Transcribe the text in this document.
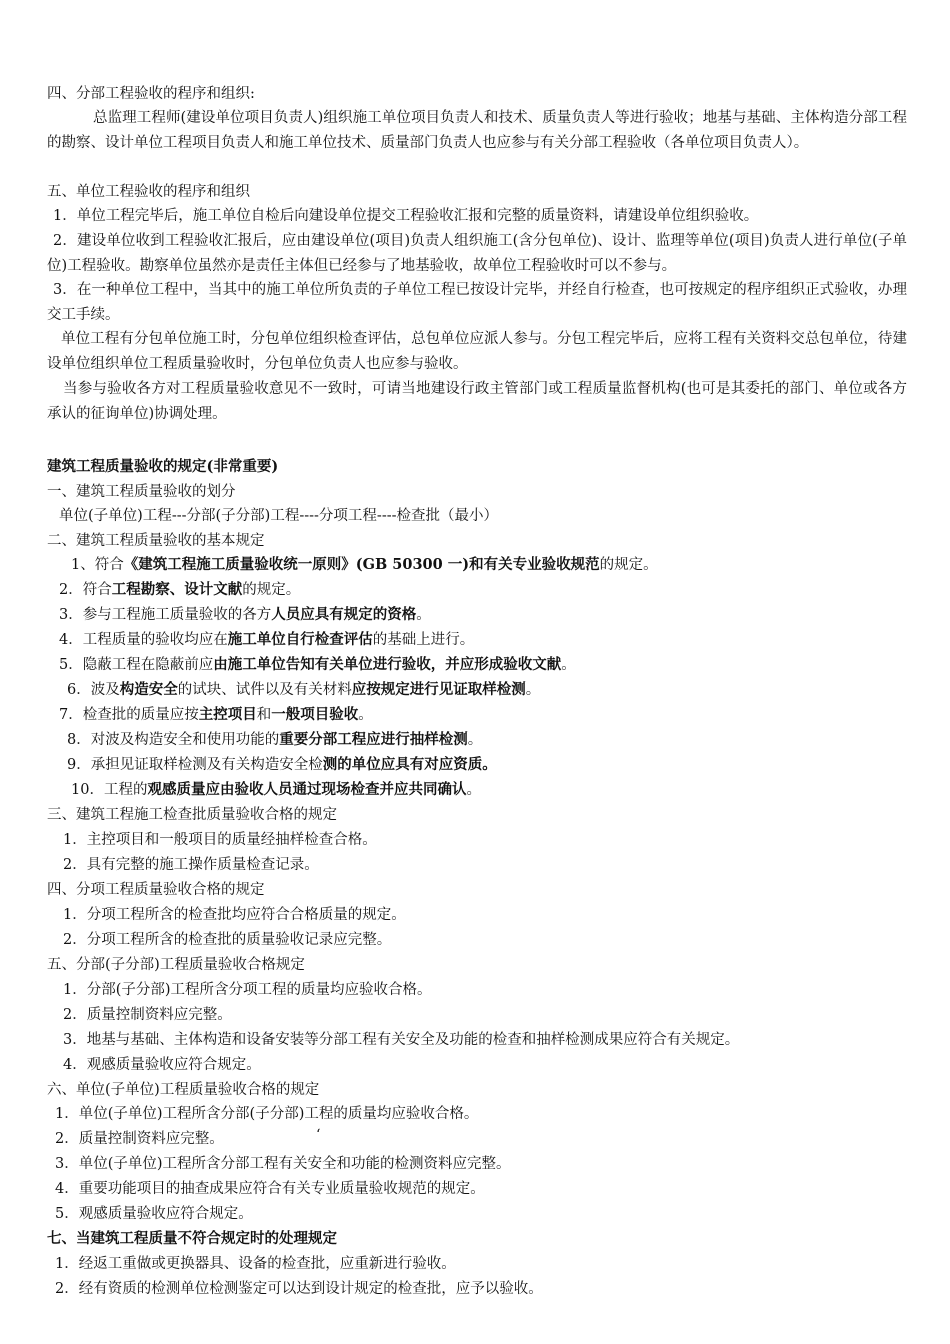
四、分部工程验收的程序和组织:
总监理工程师(建设单位项目负责人)组织施工单位项目负责人和技术、质量负责人等进行验收；地基与基础、主体构造分部工程的勘察、设计单位工程项目负责人和施工单位技术、质量部门负责人也应参与有关分部工程验收（各单位项目负责人）。
五、单位工程验收的程序和组织
1．单位工程完毕后，施工单位自检后向建设单位提交工程验收汇报和完整的质量资料，请建设单位组织验收。
2．建设单位收到工程验收汇报后，应由建设单位(项目)负责人组织施工(含分包单位)、设计、监理等单位(项目)负责人进行单位(子单位)工程验收。勘察单位虽然亦是责任主体但已经参与了地基验收，故单位工程验收时可以不参与。
3．在一种单位工程中，当其中的施工单位所负责的子单位工程已按设计完毕，并经自行检查，也可按规定的程序组织正式验收，办理交工手续。
单位工程有分包单位施工时，分包单位组织检查评估，总包单位应派人参与。分包工程完毕后，应将工程有关资料交总包单位，待建设单位组织单位工程质量验收时，分包单位负责人也应参与验收。
当参与验收各方对工程质量验收意见不一致时，可请当地建设行政主管部门或工程质量监督机构(也可是其委托的部门、单位或各方承认的征询单位)协调处理。
建筑工程质量验收的规定(非常重要)
一、建筑工程质量验收的划分
单位(子单位)工程---分部(子分部)工程----分项工程----检查批（最小）
二、建筑工程质量验收的基本规定
1、符合《建筑工程施工质量验收统一原则》(GB 50300 一)和有关专业验收规范的规定。
2．符合工程勘察、设计文献的规定。
3．参与工程施工质量验收的各方人员应具有规定的资格。
4．工程质量的验收均应在施工单位自行检查评估的基础上进行。
5．隐蔽工程在隐蔽前应由施工单位告知有关单位进行验收，并应形成验收文献。
6．波及构造安全的试块、试件以及有关材料应按规定进行见证取样检测。
7．检查批的质量应按主控项目和一般项目验收。
8．对波及构造安全和使用功能的重要分部工程应进行抽样检测。
9．承担见证取样检测及有关构造安全检测的单位应具有对应资质。
10．工程的观感质量应由验收人员通过现场检查并应共同确认。
三、建筑工程施工检查批质量验收合格的规定
1．主控项目和一般项目的质量经抽样检查合格。
2．具有完整的施工操作质量检查记录。
四、分项工程质量验收合格的规定
1．分项工程所含的检查批均应符合合格质量的规定。
2．分项工程所含的检查批的质量验收记录应完整。
五、分部(子分部)工程质量验收合格规定
1．分部(子分部)工程所含分项工程的质量均应验收合格。
2．质量控制资料应完整。
3．地基与基础、主体构造和设备安装等分部工程有关安全及功能的检查和抽样检测成果应符合有关规定。
4．观感质量验收应符合规定。
六、单位(子单位)工程质量验收合格的规定
1．单位(子单位)工程所含分部(子分部)工程的质量均应验收合格。
2．质量控制资料应完整。	‘
3．单位(子单位)工程所含分部工程有关安全和功能的检测资料应完整。
4．重要功能项目的抽查成果应符合有关专业质量验收规范的规定。
5．观感质量验收应符合规定。
七、当建筑工程质量不符合规定时的处理规定
1．经返工重做或更换器具、设备的检查批，应重新进行验收。
2．经有资质的检测单位检测鉴定可以达到设计规定的检查批，应予以验收。
